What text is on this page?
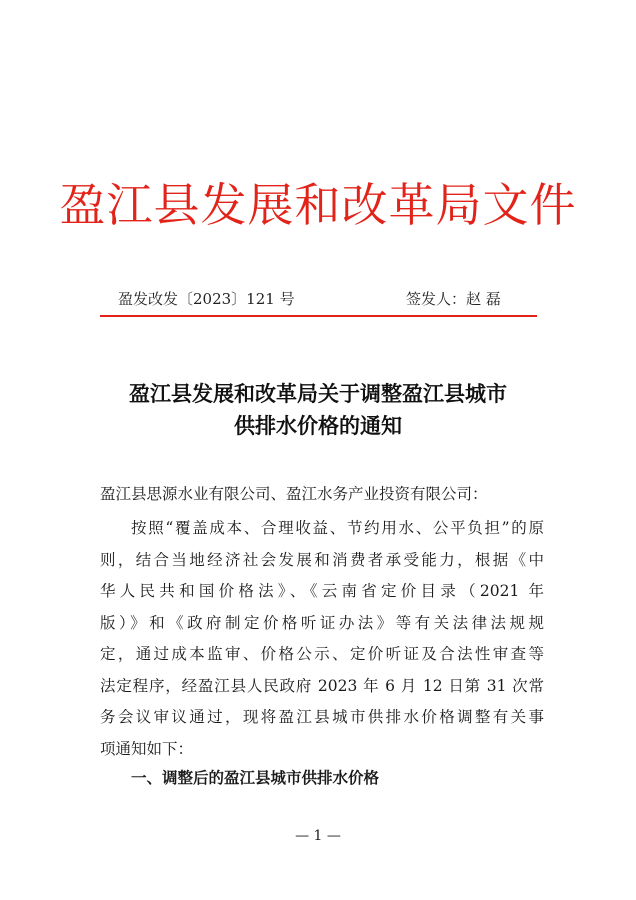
盈江县发展和改革局文件
盈发改发〔2023〕121 号	签发人：赵 磊
盈江县发展和改革局关于调整盈江县城市
供排水价格的通知
盈江县思源水业有限公司、盈江水务产业投资有限公司：
按照“覆盖成本、合理收益、节约用水、公平负担”的原
则，结合当地经济社会发展和消费者承受能力，根据《中
华人民共和国价格法》、《云南省定价目录（2021 年
版）》和《政府制定价格听证办法》等有关法律法规规
定，通过成本监审、价格公示、定价听证及合法性审查等
法定程序，经盈江县人民政府 2023 年 6 月 12 日第 31 次常
务会议审议通过，现将盈江县城市供排水价格调整有关事
项通知如下：
一、调整后的盈江县城市供排水价格
— 1 —
